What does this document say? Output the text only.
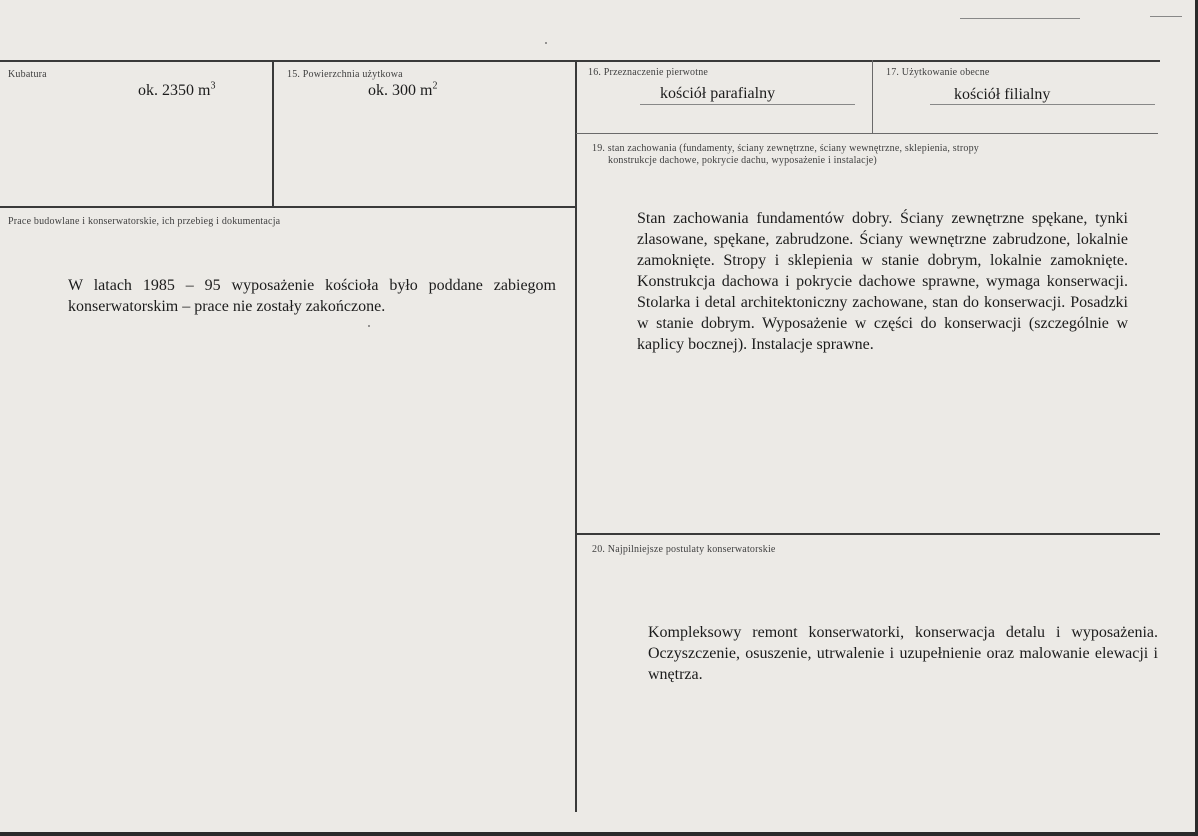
Kubatura
ok. 2350 $m^3$
15. Powierzchnia użytkowa
ok. 300 $m^2$
16. Przeznaczenie pierwotne
kościół parafialny
17. Użytkowanie obecne
kościół filialny
Prace budowlane i konserwatorskie, ich przebieg i dokumentacja
W latach 1985 – 95 wyposażenie kościoła było poddane zabiegom konserwatorskim – prace nie zostały zakończone.
19. stan zachowania (fundamenty, ściany zewnętrzne, ściany wewnętrzne, sklepienia, stropy
konstrukcje dachowe, pokrycie dachu, wyposażenie i instalacje)
Stan zachowania fundamentów dobry. Ściany zewnętrzne spękane, tynki zlasowane, spękane, zabrudzone. Ściany wewnętrzne zabrudzone, lokalnie zamoknięte. Stropy i sklepienia w stanie dobrym, lokalnie zamoknięte. Konstrukcja dachowa i pokrycie dachowe sprawne, wymaga konserwacji. Stolarka i detal architektoniczny zachowane, stan do konserwacji. Posadzki w stanie dobrym. Wyposażenie w części do konserwacji (szczególnie w kaplicy bocznej). Instalacje sprawne.
20. Najpilniejsze postulaty konserwatorskie
Kompleksowy remont konserwatorki, konserwacja detalu i wyposażenia. Oczyszczenie, osuszenie, utrwalenie i uzupełnienie oraz malowanie elewacji i wnętrza.
